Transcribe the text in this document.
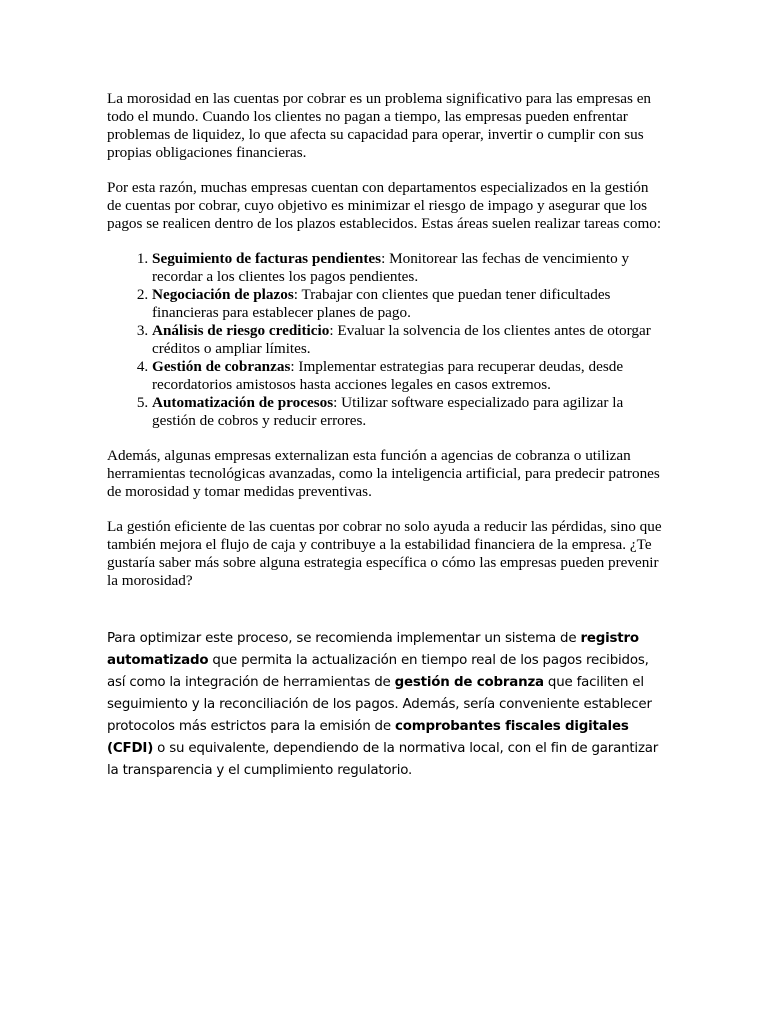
La morosidad en las cuentas por cobrar es un problema significativo para las empresas en todo el mundo. Cuando los clientes no pagan a tiempo, las empresas pueden enfrentar problemas de liquidez, lo que afecta su capacidad para operar, invertir o cumplir con sus propias obligaciones financieras.

Por esta razón, muchas empresas cuentan con departamentos especializados en la gestión de cuentas por cobrar, cuyo objetivo es minimizar el riesgo de impago y asegurar que los pagos se realicen dentro de los plazos establecidos. Estas áreas suelen realizar tareas como:

1. Seguimiento de facturas pendientes: Monitorear las fechas de vencimiento y recordar a los clientes los pagos pendientes.
2. Negociación de plazos: Trabajar con clientes que puedan tener dificultades financieras para establecer planes de pago.
3. Análisis de riesgo crediticio: Evaluar la solvencia de los clientes antes de otorgar créditos o ampliar límites.
4. Gestión de cobranzas: Implementar estrategias para recuperar deudas, desde recordatorios amistosos hasta acciones legales en casos extremos.
5. Automatización de procesos: Utilizar software especializado para agilizar la gestión de cobros y reducir errores.

Además, algunas empresas externalizan esta función a agencias de cobranza o utilizan herramientas tecnológicas avanzadas, como la inteligencia artificial, para predecir patrones de morosidad y tomar medidas preventivas.

La gestión eficiente de las cuentas por cobrar no solo ayuda a reducir las pérdidas, sino que también mejora el flujo de caja y contribuye a la estabilidad financiera de la empresa. ¿Te gustaría saber más sobre alguna estrategia específica o cómo las empresas pueden prevenir la morosidad?

Para optimizar este proceso, se recomienda implementar un sistema de registro automatizado que permita la actualización en tiempo real de los pagos recibidos, así como la integración de herramientas de gestión de cobranza que faciliten el seguimiento y la reconciliación de los pagos. Además, sería conveniente establecer protocolos más estrictos para la emisión de comprobantes fiscales digitales (CFDI) o su equivalente, dependiendo de la normativa local, con el fin de garantizar la transparencia y el cumplimiento regulatorio.
